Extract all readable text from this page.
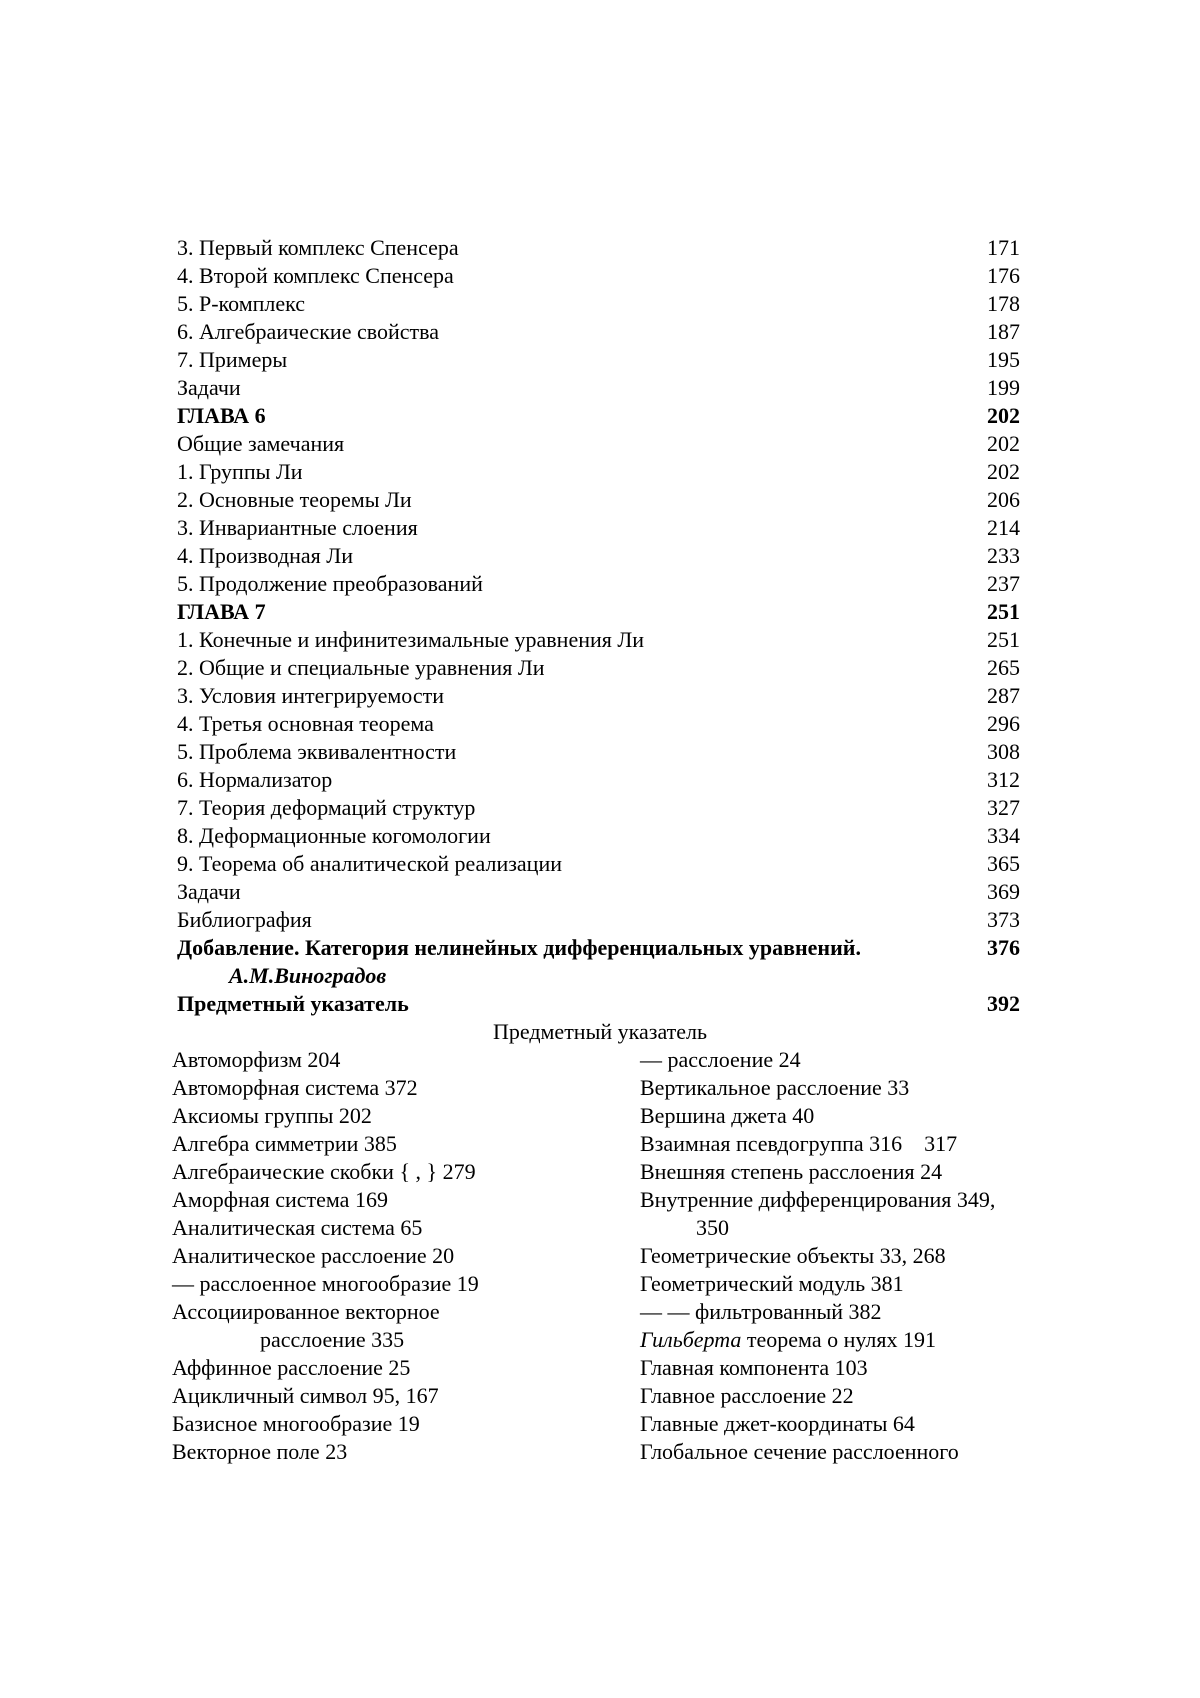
3. Первый комплекс Спенсера	171
4. Второй комплекс Спенсера	176
5. P-комплекс	178
6. Алгебраические свойства	187
7. Примеры	195
Задачи	199
ГЛАВА 6	202
Общие замечания	202
1. Группы Ли	202
2. Основные теоремы Ли	206
3. Инвариантные слоения	214
4. Производная Ли	233
5. Продолжение преобразований	237
ГЛАВА 7	251
1. Конечные и инфинитезимальные уравнения Ли	251
2. Общие и специальные уравнения Ли	265
3. Условия интегрируемости	287
4. Третья основная теорема	296
5. Проблема эквивалентности	308
6. Нормализатор	312
7. Теория деформаций структур	327
8. Деформационные когомологии	334
9. Теорема об аналитической реализации	365
Задачи	369
Библиография	373
Добавление. Категория нелинейных дифференциальных уравнений.	376
А.М.Виноградов
Предметный указатель	392
Предметный указатель
Автоморфизм 204
Автоморфная система 372
Аксиомы группы 202
Алгебра симметрии 385
Алгебраические скобки { , } 279
Аморфная система 169
Аналитическая система 65
Аналитическое расслоение 20
— расслоенное многообразие 19
Ассоциированное векторное
расслоение 335
Аффинное расслоение 25
Ацикличный символ 95, 167
Базисное многообразие 19
Векторное поле 23
— расслоение 24
Вертикальное расслоение 33
Вершина джета 40
Взаимная псевдогруппа 316 317
Внешняя степень расслоения 24
Внутренние дифференцирования 349,
350
Геометрические объекты 33, 268
Геометрический модуль 381
— — фильтрованный 382
Гильберта теорема о нулях 191
Главная компонента 103
Главное расслоение 22
Главные джет-координаты 64
Глобальное сечение расслоенного
